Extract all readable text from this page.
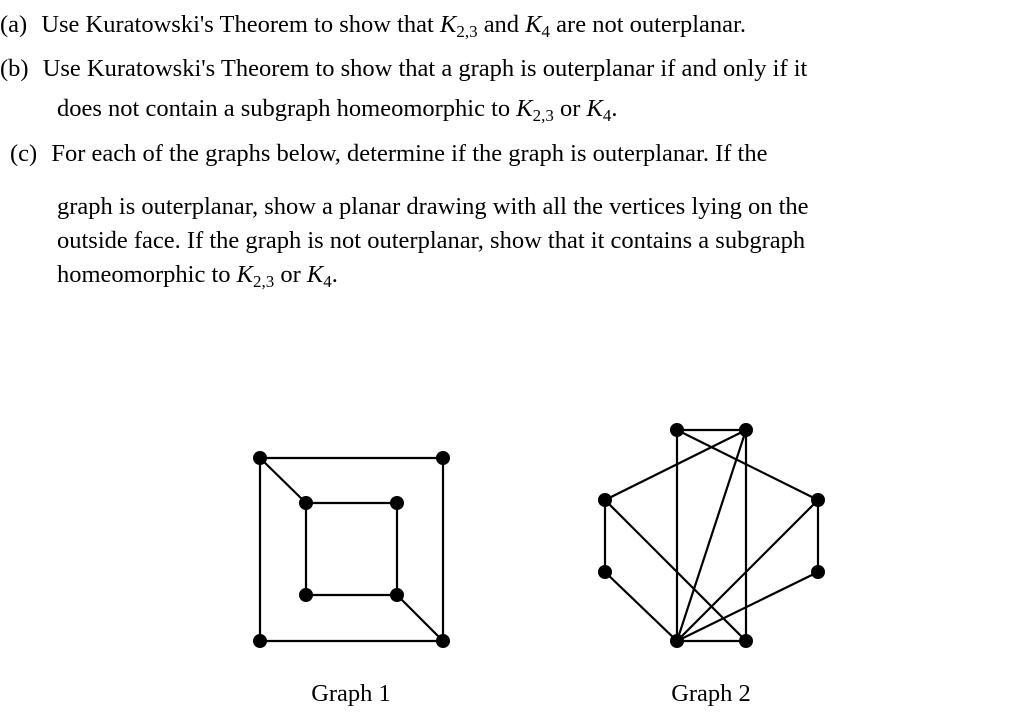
(a) Use Kuratowski's Theorem to show that $K_{2,3}$ and $K_4$ are not outerplanar.
(b) Use Kuratowski's Theorem to show that a graph is outerplanar if and only if it
does not contain a subgraph homeomorphic to $K_{2,3}$ or $K_4$.
(c) For each of the graphs below, determine if the graph is outerplanar. If the
graph is outerplanar, show a planar drawing with all the vertices lying on the
outside face. If the graph is not outerplanar, show that it contains a subgraph
homeomorphic to $K_{2,3}$ or $K_4$.
Graph 1	Graph 2
